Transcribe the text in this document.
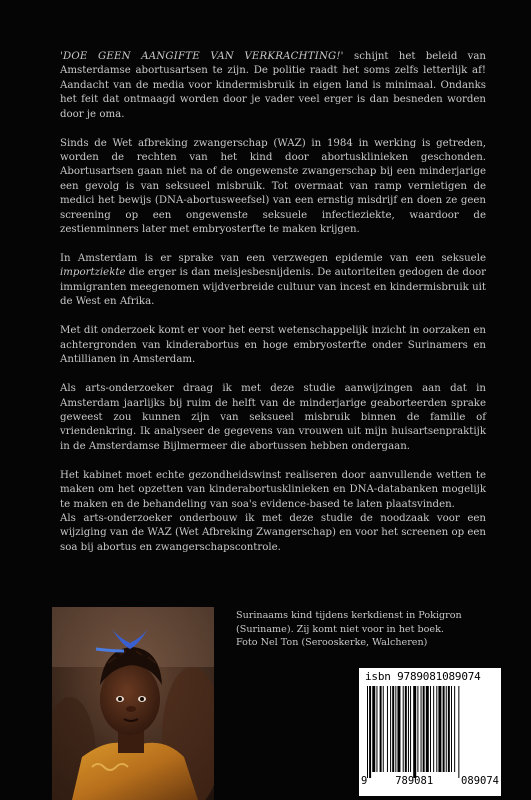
'DOE GEEN AANGIFTE VAN VERKRACHTING!' schijnt het beleid van Amsterdamse abortusartsen te zijn. De politie raadt het soms zelfs letterlijk af! Aandacht van de media voor kindermisbruik in eigen land is minimaal. Ondanks het feit dat ontmaagd worden door je vader veel erger is dan besneden worden door je oma.

Sinds de Wet afbreking zwangerschap (WAZ) in 1984 in werking is getreden, worden de rechten van het kind door abortusklinieken geschonden. Abortusartsen gaan niet na of de ongewenste zwangerschap bij een minderjarige een gevolg is van seksueel misbruik. Tot overmaat van ramp vernietigen de medici het bewijs (DNA-abortusweefsel) van een ernstig misdrijf en doen ze geen screening op een ongewenste seksuele infectieziekte, waardoor de zestienminners later met embryosterfte te maken krijgen.

In Amsterdam is er sprake van een verzwegen epidemie van een seksuele importziekte die erger is dan meisjesbesnijdenis. De autoriteiten gedogen de door immigranten meegenomen wijdverbreide cultuur van incest en kindermisbruik uit de West en Afrika.

Met dit onderzoek komt er voor het eerst wetenschappelijk inzicht in oorzaken en achtergronden van kinderabortus en hoge embryosterfte onder Surinamers en Antillianen in Amsterdam.

Als arts-onderzoeker draag ik met deze studie aanwijzingen aan dat in Amsterdam jaarlijks bij ruim de helft van de minderjarige geaborteerden sprake geweest zou kunnen zijn van seksueel misbruik binnen de familie of vriendenkring. Ik analyseer de gegevens van vrouwen uit mijn huisartsenpraktijk in de Amsterdamse Bijlmermeer die abortussen hebben ondergaan.

Het kabinet moet echte gezondheidswinst realiseren door aanvullende wetten te maken om het opzetten van kinderabortusklinieken en DNA-databanken mogelijk te maken en de behandeling van soa's evidence-based te laten plaatsvinden.

Als arts-onderzoeker onderbouw ik met deze studie de noodzaak voor een wijziging van de WAZ (Wet Afbreking Zwangerschap) en voor het screenen op een soa bij abortus en zwangerschapscontrole.

Surinaams kind tijdens kerkdienst in Pokigron
(Suriname). Zij komt niet voor in het boek.
Foto Nel Ton (Serooskerke, Walcheren)
isbn 9789081089074
9	789081	089074
